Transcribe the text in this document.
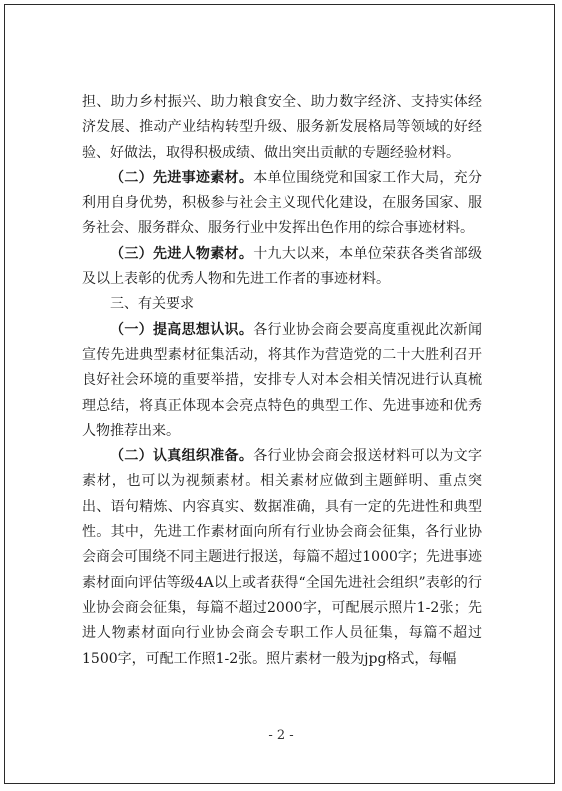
担、助力乡村振兴、助力粮食安全、助力数字经济、支持实体经济发展、推动产业结构转型升级、服务新发展格局等领域的好经验、好做法，取得积极成绩、做出突出贡献的专题经验材料。

（二）先进事迹素材。本单位围绕党和国家工作大局，充分利用自身优势，积极参与社会主义现代化建设，在服务国家、服务社会、服务群众、服务行业中发挥出色作用的综合事迹材料。

（三）先进人物素材。十九大以来，本单位荣获各类省部级及以上表彰的优秀人物和先进工作者的事迹材料。

三、有关要求

（一）提高思想认识。各行业协会商会要高度重视此次新闻宣传先进典型素材征集活动，将其作为营造党的二十大胜利召开良好社会环境的重要举措，安排专人对本会相关情况进行认真梳理总结，将真正体现本会亮点特色的典型工作、先进事迹和优秀人物推荐出来。

（二）认真组织准备。各行业协会商会报送材料可以为文字素材，也可以为视频素材。相关素材应做到主题鲜明、重点突出、语句精炼、内容真实、数据准确，具有一定的先进性和典型性。其中，先进工作素材面向所有行业协会商会征集，各行业协会商会可围绕不同主题进行报送，每篇不超过1000字；先进事迹素材面向评估等级4A以上或者获得“全国先进社会组织”表彰的行业协会商会征集，每篇不超过2000字，可配展示照片1-2张；先进人物素材面向行业协会商会专职工作人员征集，每篇不超过1500字，可配工作照1-2张。照片素材一般为jpg格式，每幅

- 2 -
